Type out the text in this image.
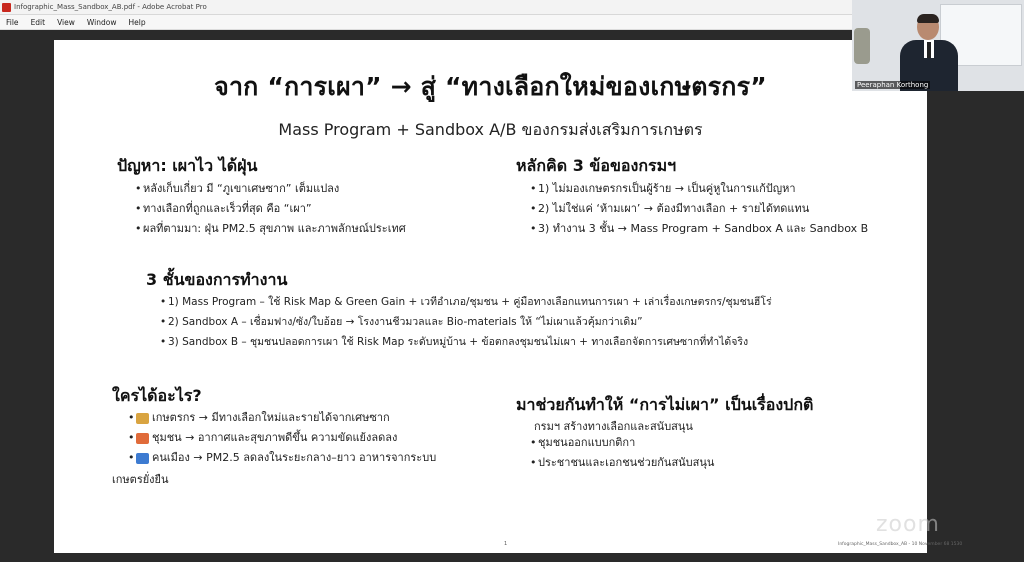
Infographic_Mass_Sandbox_AB.pdf - Adobe Acrobat Pro
File	Edit	View	Window	Help
จาก “การเผา” → สู่ “ทางเลือกใหม่ของเกษตรกร”
Mass Program + Sandbox A/B ของกรมส่งเสริมการเกษตร
ปัญหา: เผาไว ได้ฝุ่น
• หลังเก็บเกี่ยว มี “ภูเขาเศษซาก” เต็มแปลง
• ทางเลือกที่ถูกและเร็วที่สุด คือ “เผา”
• ผลที่ตามมา: ฝุ่น PM2.5 สุขภาพ และภาพลักษณ์ประเทศ
หลักคิด 3 ข้อของกรมฯ
• 1) ไม่มองเกษตรกรเป็นผู้ร้าย → เป็นคู่หูในการแก้ปัญหา
• 2) ไม่ใช่แค่ ‘ห้ามเผา’ → ต้องมีทางเลือก + รายได้ทดแทน
• 3) ทำงาน 3 ชั้น → Mass Program + Sandbox A และ Sandbox B
3 ชั้นของการทำงาน
• 1) Mass Program – ใช้ Risk Map & Green Gain + เวทีอำเภอ/ชุมชน + คู่มือทางเลือกแทนการเผา + เล่าเรื่องเกษตรกร/ชุมชนฮีโร่
• 2) Sandbox A – เชื่อมฟาง/ซัง/ใบอ้อย → โรงงานชีวมวลและ Bio-materials ให้ “ไม่เผาแล้วคุ้มกว่าเดิม”
• 3) Sandbox B – ชุมชนปลอดการเผา ใช้ Risk Map ระดับหมู่บ้าน + ข้อตกลงชุมชนไม่เผา + ทางเลือกจัดการเศษซากที่ทำได้จริง
ใครได้อะไร?
• เกษตรกร → มีทางเลือกใหม่และรายได้จากเศษซาก
• ชุมชน → อากาศและสุขภาพดีขึ้น ความขัดแย้งลดลง
• คนเมือง → PM2.5 ลดลงในระยะกลาง–ยาว อาหารจากระบบ
เกษตรยั่งยืน
มาช่วยกันทำให้ “การไม่เผา” เป็นเรื่องปกติ
กรมฯ สร้างทางเลือกและสนับสนุน
• ชุมชนออกแบบกติกา
• ประชาชนและเอกชนช่วยกันสนับสนุน
1	Infographic_Mass_Sandbox_AB - 10 November 68 1530
Peeraphan Korthong
zoom
